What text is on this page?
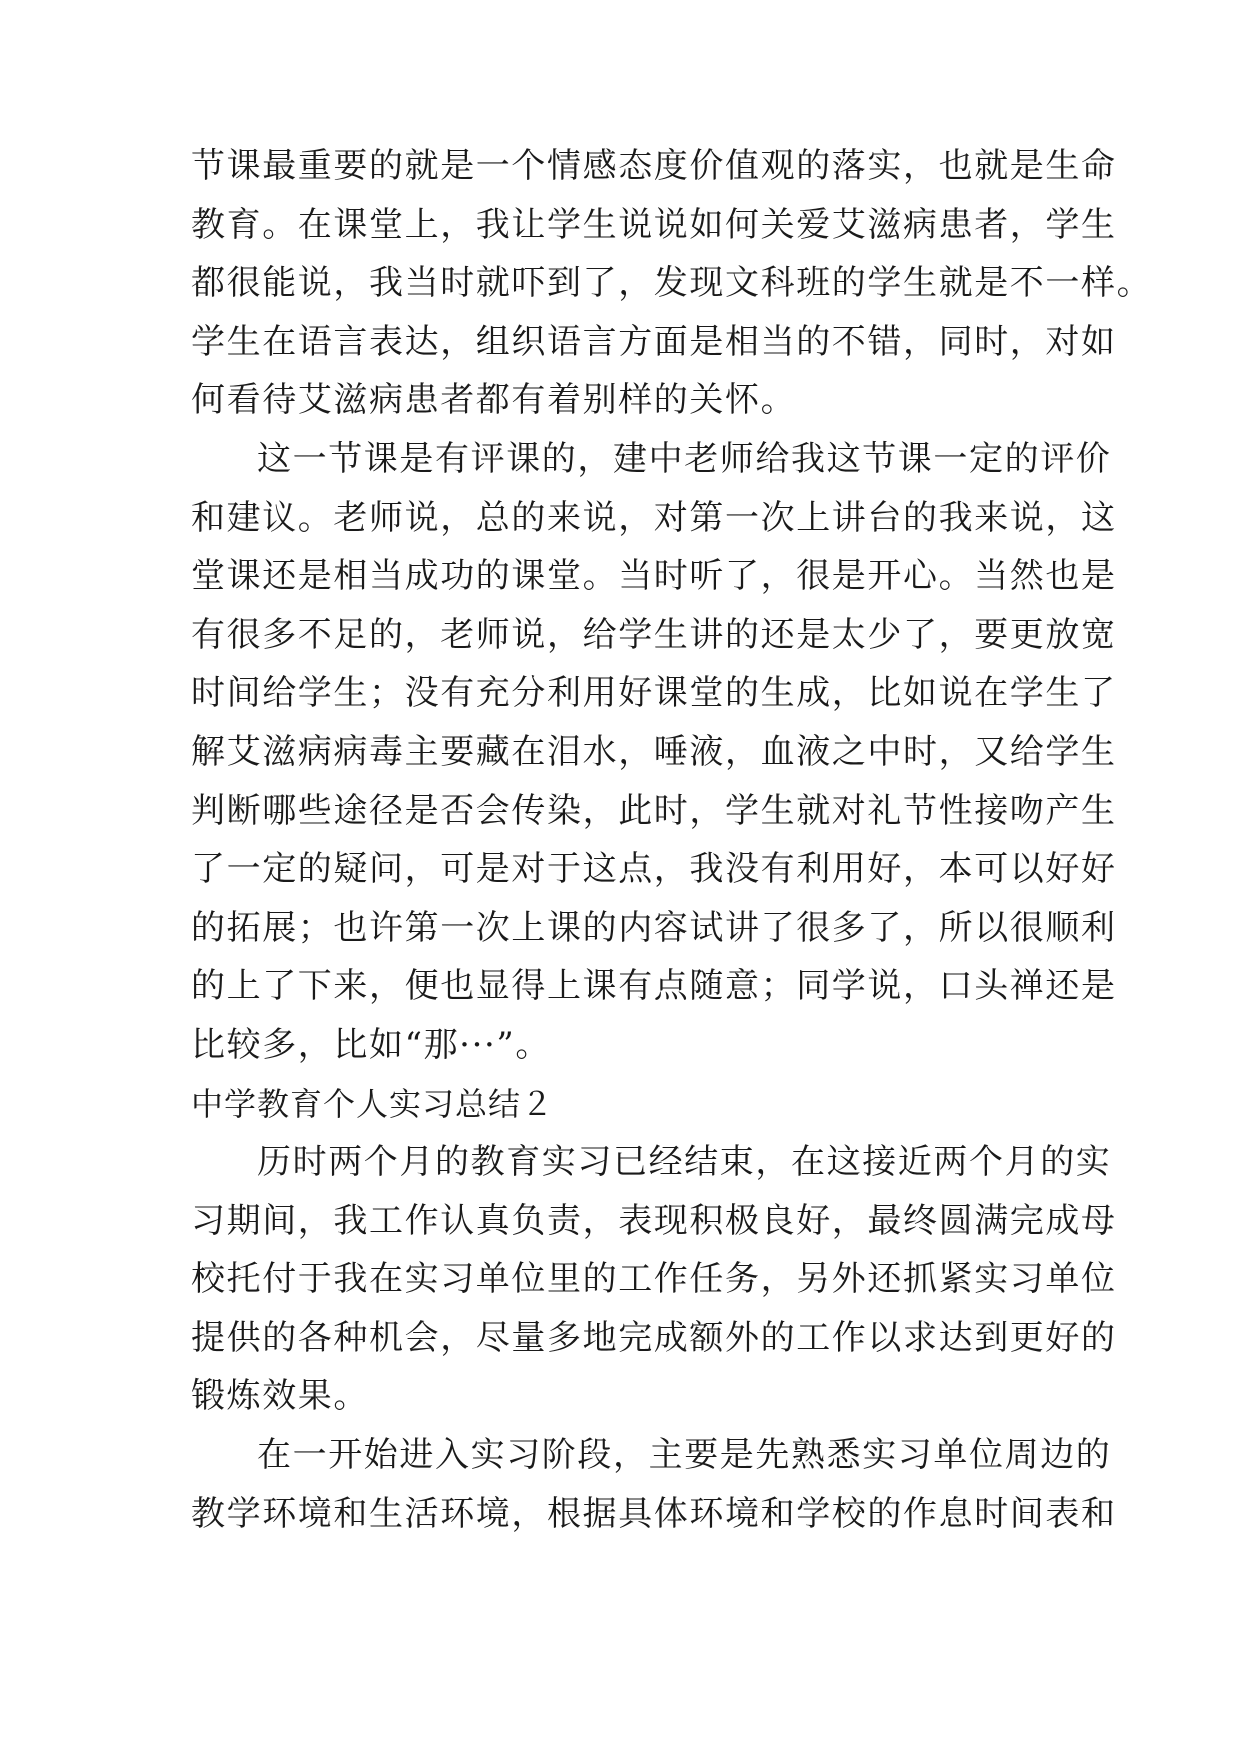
节课最重要的就是一个情感态度价值观的落实，也就是生命
教育。在课堂上，我让学生说说如何关爱艾滋病患者，学生
都很能说，我当时就吓到了，发现文科班的学生就是不一样。
学生在语言表达，组织语言方面是相当的不错，同时，对如
何看待艾滋病患者都有着别样的关怀。
这一节课是有评课的，建中老师给我这节课一定的评价
和建议。老师说，总的来说，对第一次上讲台的我来说，这
堂课还是相当成功的课堂。当时听了，很是开心。当然也是
有很多不足的，老师说，给学生讲的还是太少了，要更放宽
时间给学生；没有充分利用好课堂的生成，比如说在学生了
解艾滋病病毒主要藏在泪水，唾液，血液之中时，又给学生
判断哪些途径是否会传染，此时，学生就对礼节性接吻产生
了一定的疑问，可是对于这点，我没有利用好，本可以好好
的拓展；也许第一次上课的内容试讲了很多了，所以很顺利
的上了下来，便也显得上课有点随意；同学说，口头禅还是
比较多，比如“那···”。
中学教育个人实习总结２
历时两个月的教育实习已经结束，在这接近两个月的实
习期间，我工作认真负责，表现积极良好，最终圆满完成母
校托付于我在实习单位里的工作任务，另外还抓紧实习单位
提供的各种机会，尽量多地完成额外的工作以求达到更好的
锻炼效果。
在一开始进入实习阶段，主要是先熟悉实习单位周边的
教学环境和生活环境，根据具体环境和学校的作息时间表和
